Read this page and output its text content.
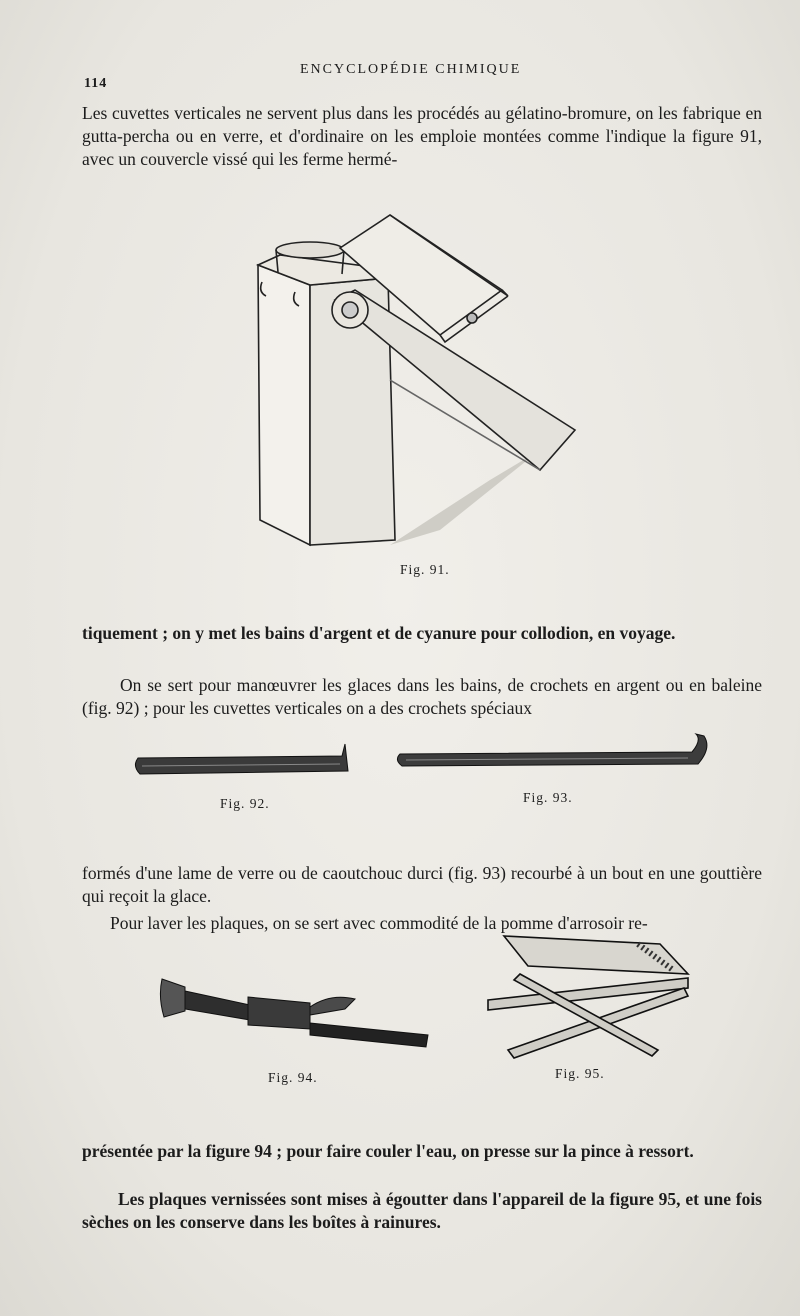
114
ENCYCLOPÉDIE CHIMIQUE

Les cuvettes verticales ne servent plus dans les procédés au gélatino-bromure, on les fabrique en gutta-percha ou en verre, et d'ordinaire on les emploie montées comme l'indique la figure 91, avec un couvercle vissé qui les ferme hermé-

Fig. 91.

tiquement ; on y met les bains d'argent et de cyanure pour collodion, en voyage.

On se sert pour manœuvrer les glaces dans les bains, de crochets en argent ou en baleine (fig. 92) ; pour les cuvettes verticales on a des crochets spéciaux

Fig. 92.	Fig. 93.

formés d'une lame de verre ou de caoutchouc durci (fig. 93) recourbé à un bout en une gouttière qui reçoit la glace.

Pour laver les plaques, on se sert avec commodité de la pomme d'arrosoir re-

Fig. 94.	Fig. 95.

présentée par la figure 94 ; pour faire couler l'eau, on presse sur la pince à ressort.

Les plaques vernissées sont mises à égoutter dans l'appareil de la figure 95, et une fois sèches on les conserve dans les boîtes à rainures.
